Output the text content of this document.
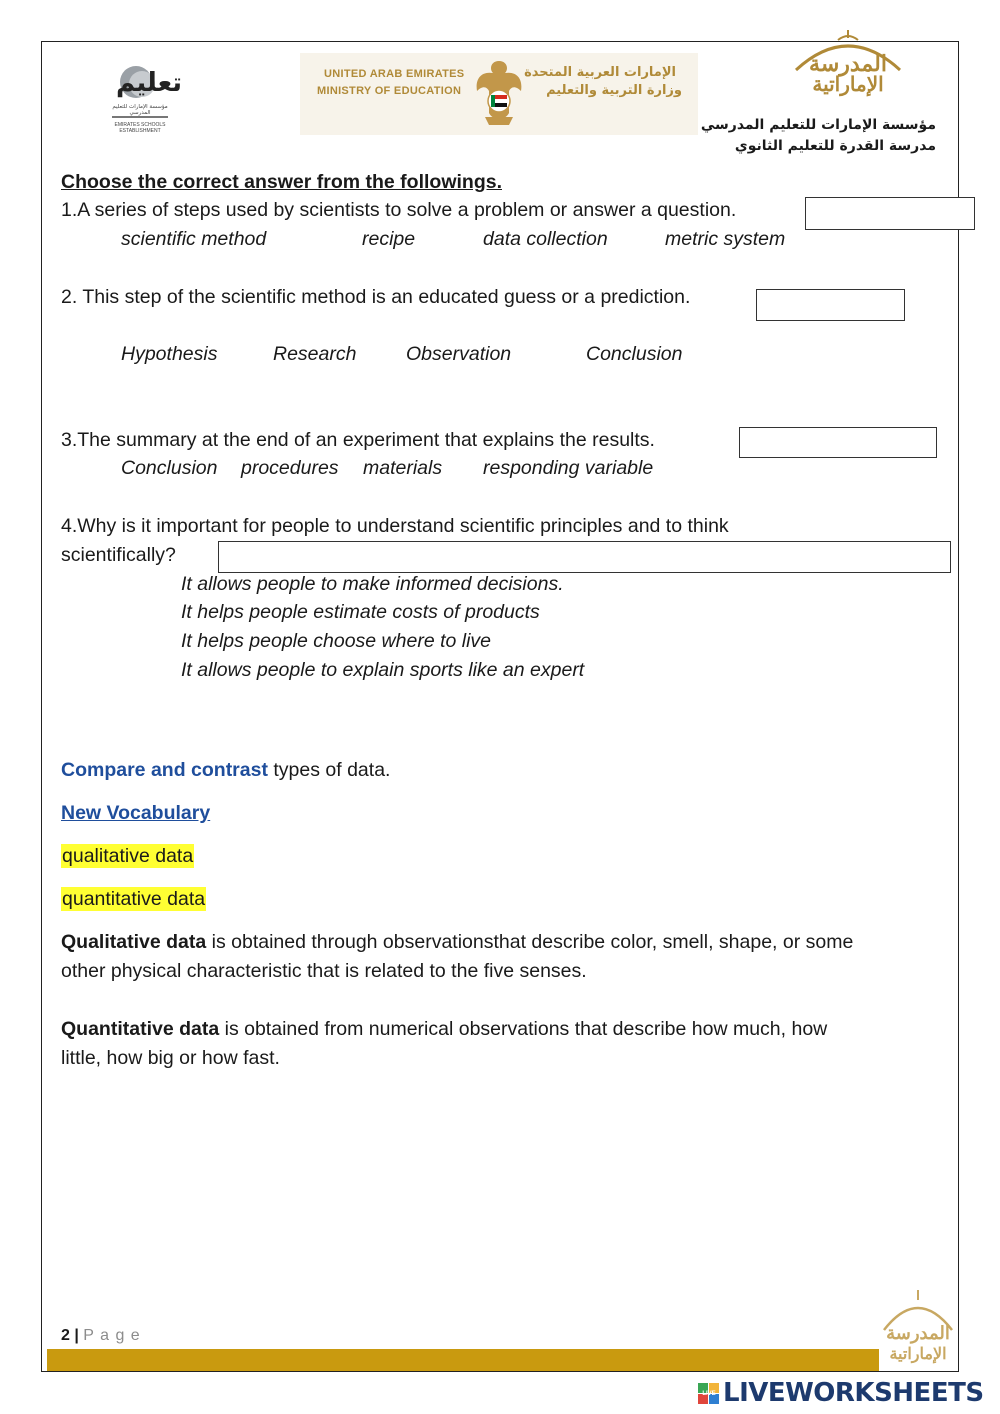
تعليم
مؤسسة الإمارات للتعليم المدرسي
EMIRATES SCHOOLS ESTABLISHMENT
UNITED ARAB EMIRATES
MINISTRY OF EDUCATION
الإمارات العربية المتحدة
وزارة التربية والتعليم
المدرسة
الإماراتية
مؤسسة الإمارات للتعليم المدرسي
مدرسة القدرة للتعليم الثانوي
Choose the correct answer from the followings.
1.A series of steps used by scientists to solve a problem or answer a question.
scientific method	recipe	data collection	metric system
2. This step of the scientific method is an educated guess or a prediction.
Hypothesis	Research	Observation	Conclusion
3.The summary at the end of an experiment that explains the results.
Conclusion procedures materials responding variable
4.Why is it important for people to understand scientific principles and to think
scientifically?
It allows people to make informed decisions.
It helps people estimate costs of products
It helps people choose where to live
It allows people to explain sports like an expert
Compare and contrast types of data.
New Vocabulary
qualitative data
quantitative data
Qualitative data is obtained through observationsthat describe color, smell, shape, or some
other physical characteristic that is related to the five senses.
Quantitative data is obtained from numerical observations that describe how much, how
little, how big or how fast.
2 | P a g e	المدرسة
الإماراتية
LIVE LIVEWORKSHEETS
